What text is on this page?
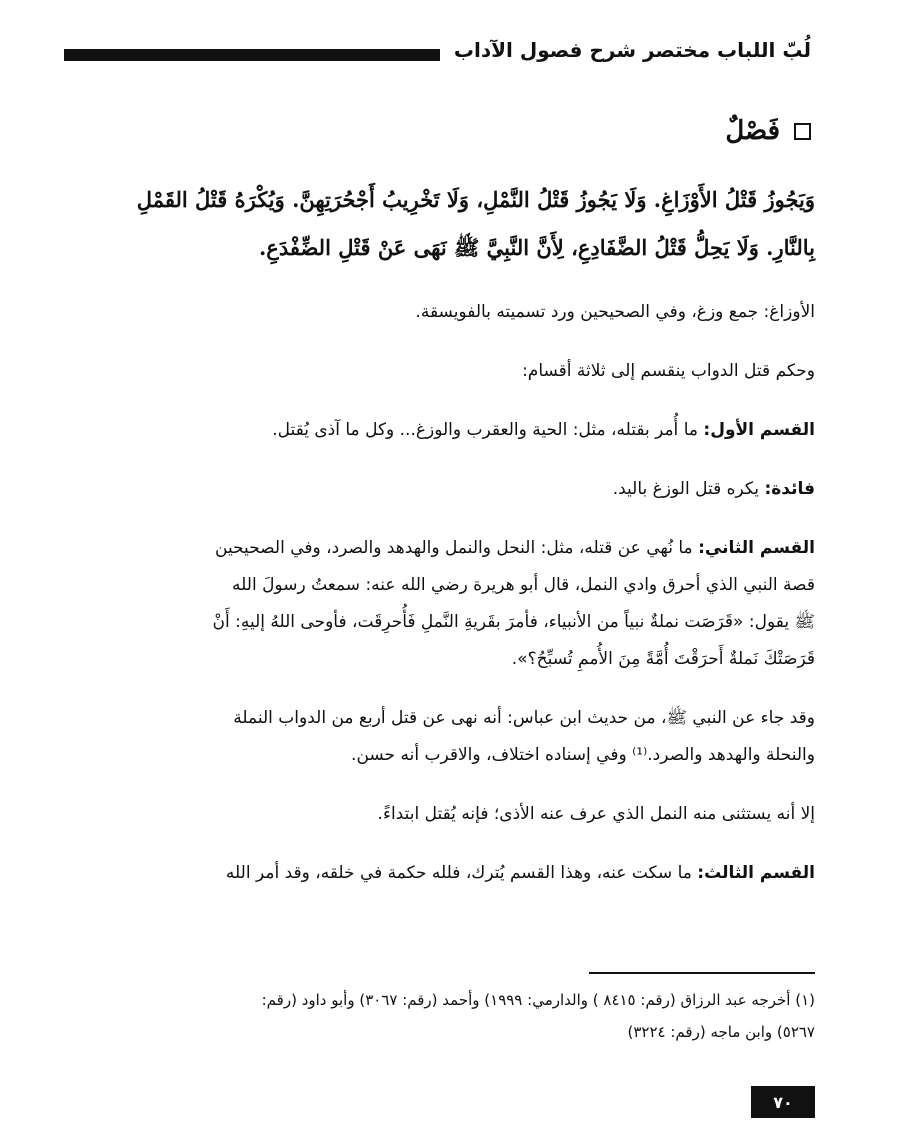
لُبّ اللباب مختصر شرح فصول الآداب
فَصْلٌ
وَيَجُوزُ قَتْلُ الأَوْزَاغِ. وَلَا يَجُوزُ قَتْلُ النَّمْلِ، وَلَا تَخْرِيبُ أَجْحُرَتِهِنَّ. وَيُكْرَهُ قَتْلُ القَمْلِ
بِالنَّارِ. وَلَا يَحِلُّ قَتْلُ الضَّفَادِعِ، لِأَنَّ النَّبِيَّ ﷺ نَهَى عَنْ قَتْلِ الضِّفْدَعِ.

الأوزاغ: جمع وزغ، وفي الصحيحين ورد تسميته بالفويسقة.

وحكم قتل الدواب ينقسم إلى ثلاثة أقسام:

القسم الأول: ما أُمر بقتله، مثل: الحية والعقرب والوزغ... وكل ما آذى يُقتل.

فائدة: يكره قتل الوزغ باليد.

القسم الثاني: ما نُهي عن قتله، مثل: النحل والنمل والهدهد والصرد، وفي الصحيحين
قصة النبي الذي أحرق وادي النمل، قال أبو هريرة رضي الله عنه: سمعتُ رسولَ الله
ﷺ يقول: «قَرَصَت نملةٌ نبياً من الأنبياء، فأمرَ بقَريةِ النَّملِ فَأُحرِقَت، فأوحى اللهُ إليهِ: أَنْ
قَرَصَتْكَ نَملةٌ أَحرَقْتَ أُمَّةً مِنَ الأُممِ تُسبِّحُ؟».

وقد جاء عن النبي ﷺ، من حديث ابن عباس: أنه نهى عن قتل أربع من الدواب النملة
والنحلة والهدهد والصرد.⁽¹⁾ وفي إسناده اختلاف، والاقرب أنه حسن.

إلا أنه يستثنى منه النمل الذي عرف عنه الأذى؛ فإنه يُقتل ابتداءً.

القسم الثالث: ما سكت عنه، وهذا القسم يُترك، فلله حكمة في خلقه، وقد أمر الله

(١) أخرجه عبد الرزاق (رقم: ٨٤١٥ ) والدارمي: ١٩٩٩) وأحمد (رقم: ٣٠٦٧) وأبو داود (رقم:
٥٢٦٧) وابن ماجه (رقم: ٣٢٢٤)
٧٠
